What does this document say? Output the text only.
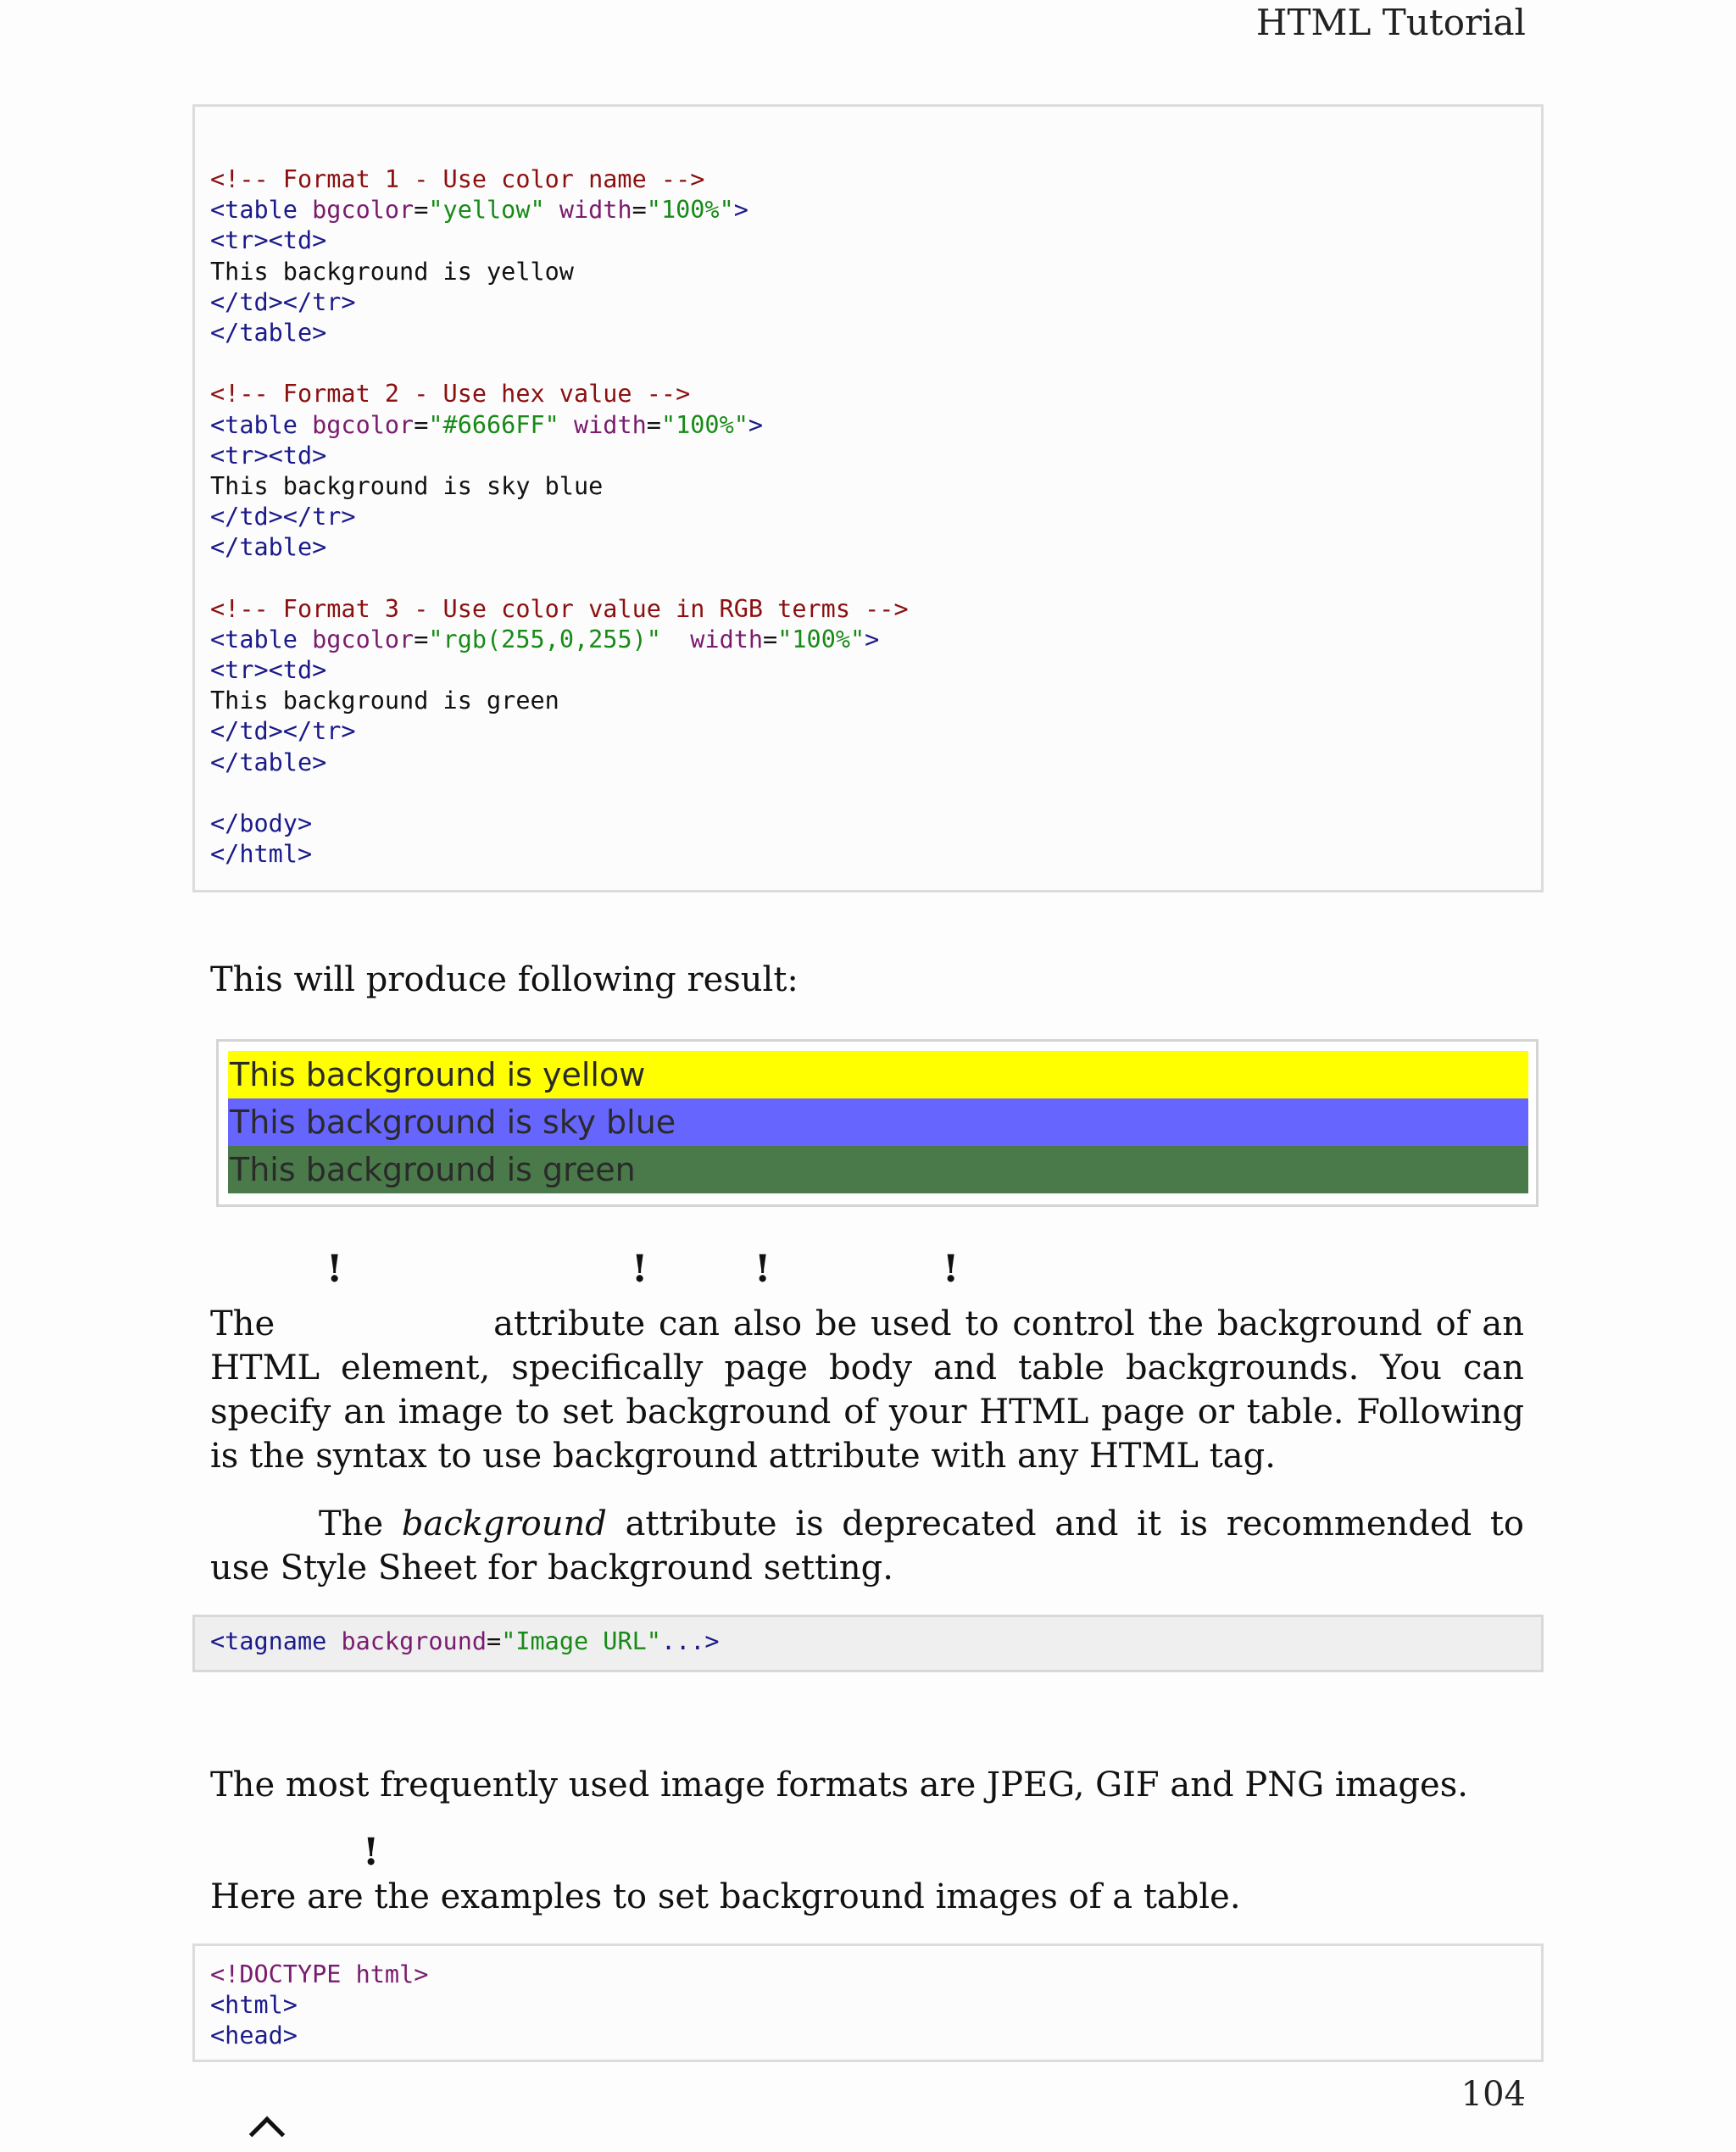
HTML Tutorial
<!-- Format 1 - Use color name -->
<table bgcolor="yellow" width="100%">
<tr><td>
This background is yellow
</td></tr>
</table>
<!-- Format 2 - Use hex value -->
<table bgcolor="#6666FF" width="100%">
<tr><td>
This background is sky blue
</td></tr>
</table>
<!-- Format 3 - Use color value in RGB terms -->
<table bgcolor="rgb(255,0,255)"  width="100%">
<tr><td>
This background is green
</td></tr>
</table>
</body>
</html>
This will produce following result:
This background is yellow
This background is sky blue
This background is green
!	!	!	!
The	attribute can also be used to control the background of an HTML element, specifically page body and table backgrounds. You can specify an image to set background of your HTML page or table. Following is the syntax to use background attribute with any HTML tag.
The background attribute is deprecated and it is recommended to use Style Sheet for background setting.
<tagname background="Image URL"...>
The most frequently used image formats are JPEG, GIF and PNG images.
!
Here are the examples to set background images of a table.
<!DOCTYPE html>
<html>
<head>
104
